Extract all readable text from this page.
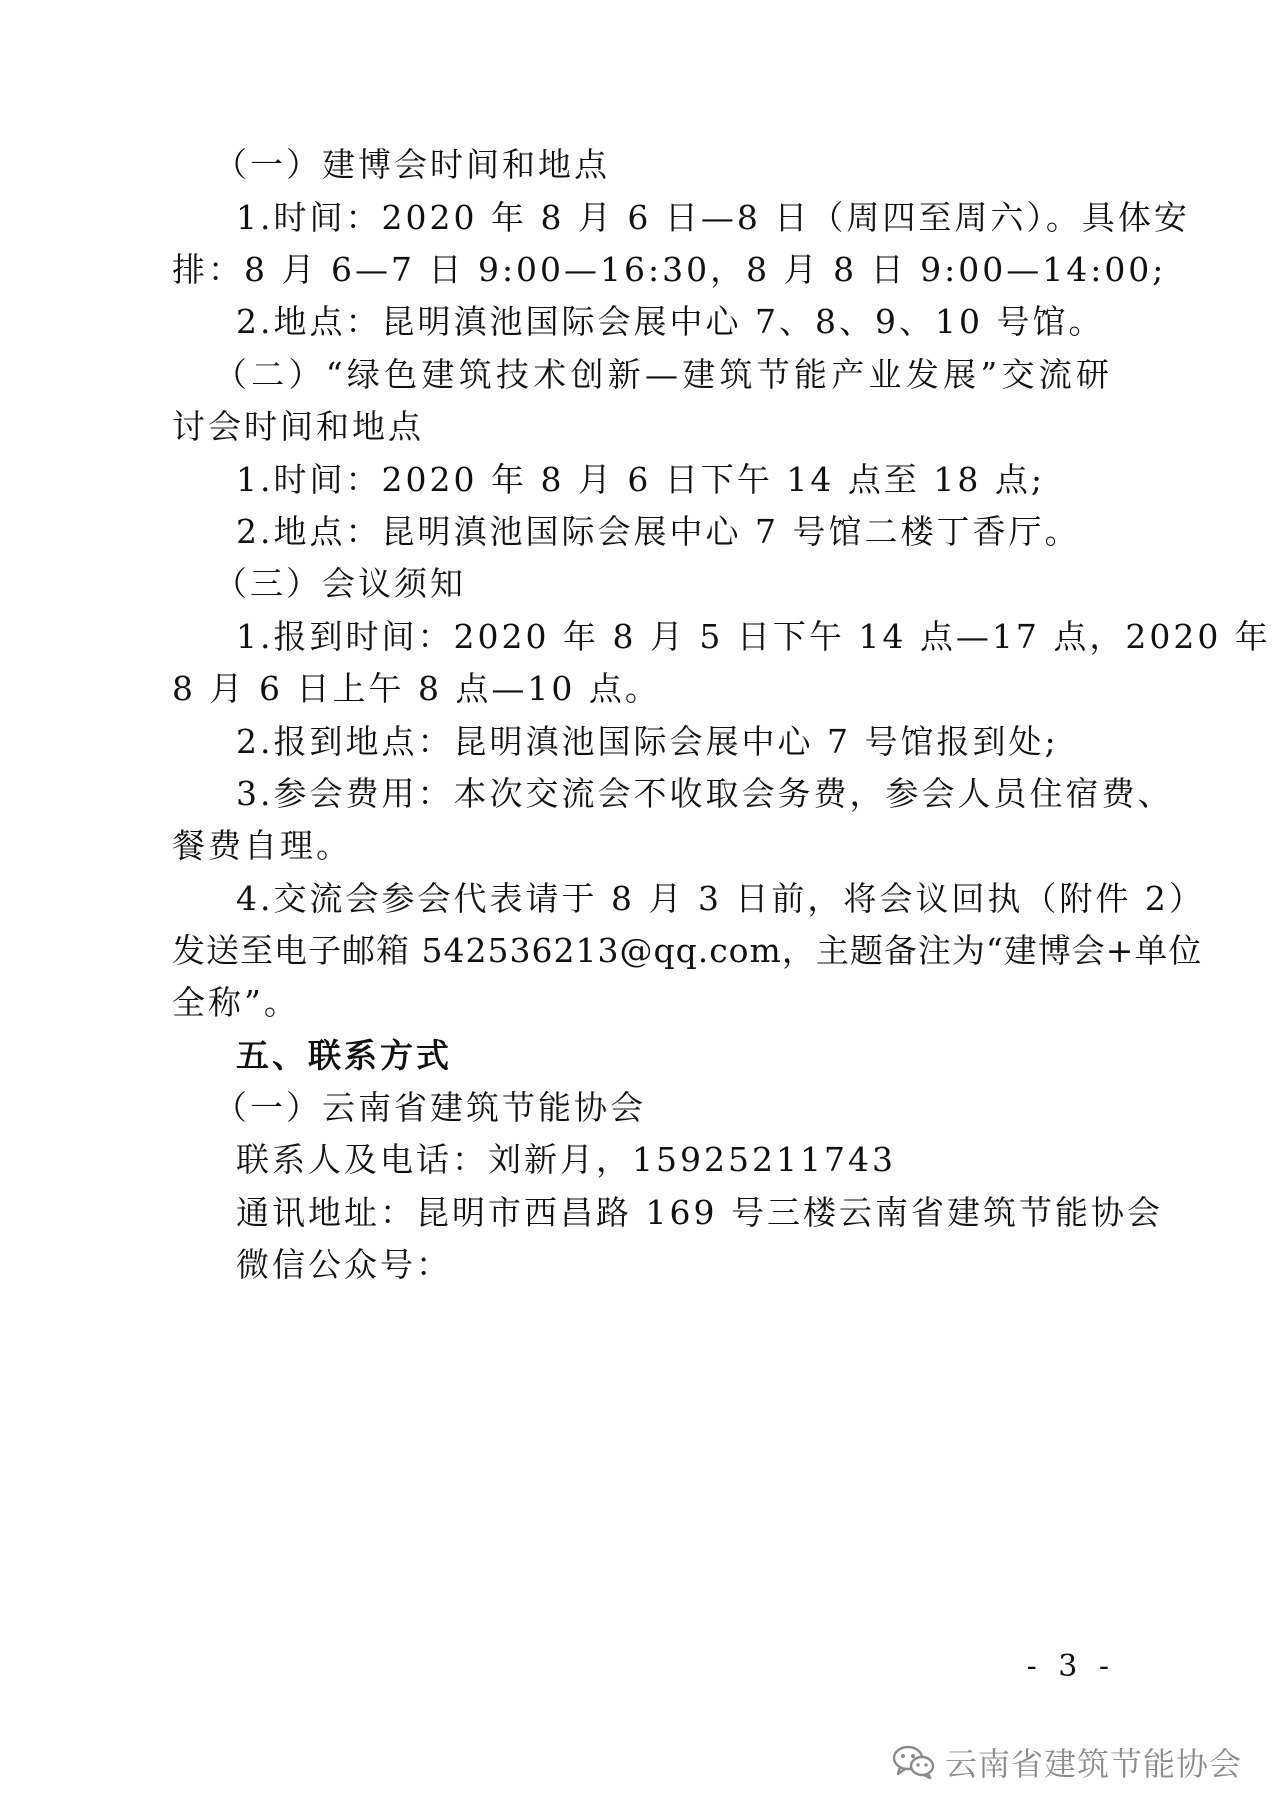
（一）建博会时间和地点
1.时间：2020 年 8 月 6 日—8 日（周四至周六）。具体安
排：8 月 6—7 日 9:00—16:30，8 月 8 日 9:00—14:00;
2.地点：昆明滇池国际会展中心 7、8、9、10 号馆。
（二）“绿色建筑技术创新—建筑节能产业发展”交流研
讨会时间和地点
1.时间：2020 年 8 月 6 日下午 14 点至 18 点;
2.地点：昆明滇池国际会展中心 7 号馆二楼丁香厅。
（三）会议须知
1.报到时间：2020 年 8 月 5 日下午 14 点—17 点，2020 年
8 月 6 日上午 8 点—10 点。
2.报到地点：昆明滇池国际会展中心 7 号馆报到处;
3.参会费用：本次交流会不收取会务费，参会人员住宿费、
餐费自理。
4.交流会参会代表请于 8 月 3 日前，将会议回执（附件 2）
发送至电子邮箱 542536213@qq.com，主题备注为“建博会+单位
全称”。
五、联系方式
（一）云南省建筑节能协会
联系人及电话：刘新月，15925211743
通讯地址：昆明市西昌路 169 号三楼云南省建筑节能协会
微信公众号：
- 3 -
云南省建筑节能协会
